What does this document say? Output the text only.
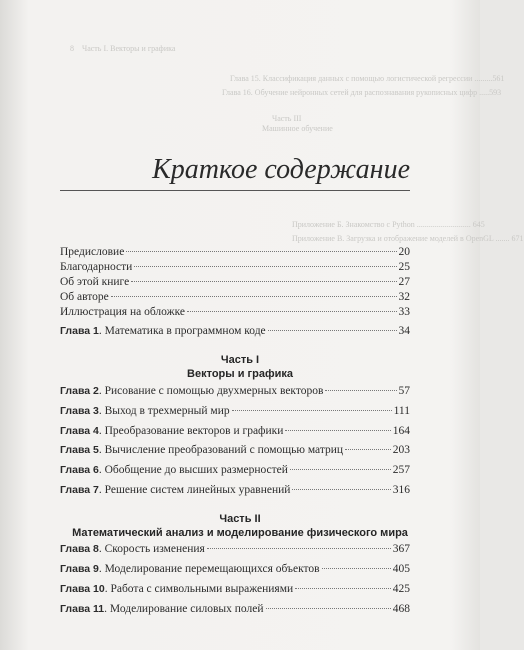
8    Часть I. Векторы и графика
Глава 15. Классификация данных с помощью логистической регрессии .........561
Глава 16. Обучение нейронных сетей для распознавания рукописных цифр .....593
Часть III
Машинное обучение
Приложение Б. Знакомство с Python ........................... 645
Приложение В. Загрузка и отображение моделей в OpenGL ....... 671
Краткое содержание
Предисловие	20
Благодарности	25
Об этой книге	27
Об авторе	32
Иллюстрация на обложке	33
Глава 1. Математика в программном коде	34
Часть I
Векторы и графика
Глава 2. Рисование с помощью двухмерных векторов	57
Глава 3. Выход в трехмерный мир	111
Глава 4. Преобразование векторов и графики	164
Глава 5. Вычисление преобразований с помощью матриц	203
Глава 6. Обобщение до высших размерностей	257
Глава 7. Решение систем линейных уравнений	316
Часть II
Математический анализ и моделирование физического мира
Глава 8. Скорость изменения	367
Глава 9. Моделирование перемещающихся объектов	405
Глава 10. Работа с символьными выражениями	425
Глава 11. Моделирование силовых полей	468
